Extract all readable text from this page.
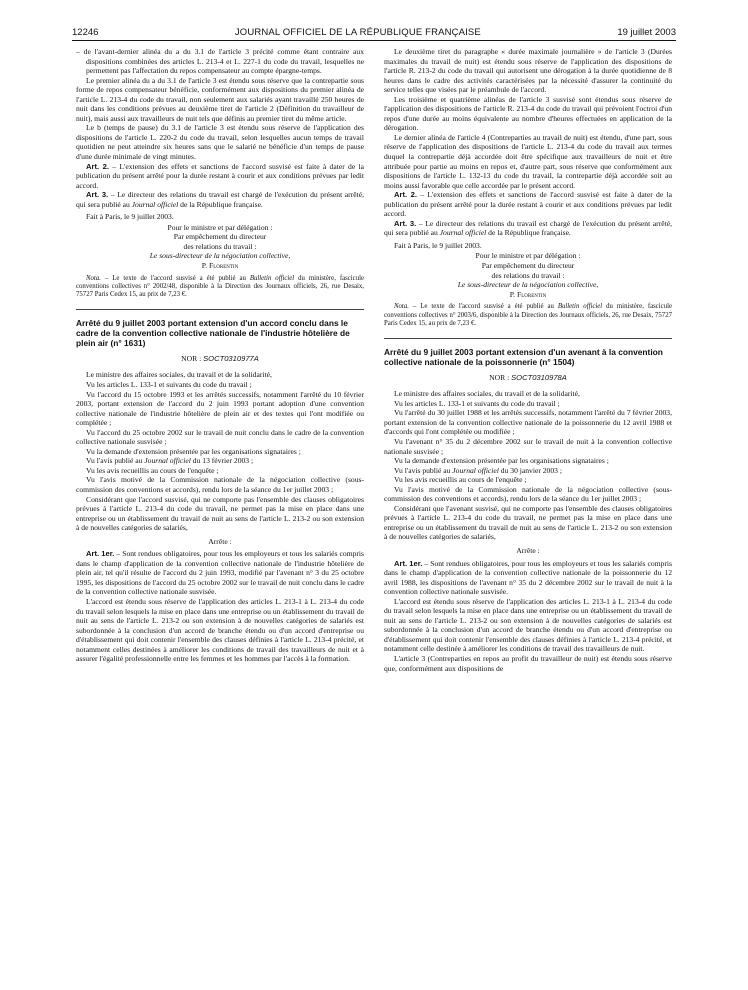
12246	JOURNAL OFFICIEL DE LA RÉPUBLIQUE FRANÇAISE	19 juillet 2003

– de l'avant-dernier alinéa du a du 3.1 de l'article 3 précité comme étant contraire aux dispositions combinées des articles L. 213-4 et L. 227-1 du code du travail, lesquelles ne permettent pas l'affectation du repos compensateur au compte épargne-temps.

Le premier alinéa du a du 3.1 de l'article 3 est étendu sous réserve que la contrepartie sous forme de repos compensateur bénéficie, conformément aux dispositions du premier alinéa de l'article L. 213-4 du code du travail, non seulement aux salariés ayant travaillé 250 heures de nuit dans les conditions prévues au deuxième tiret de l'article 2 (Définition du travailleur de nuit), mais aussi aux travailleurs de nuit tels que définis au premier tiret du même article.

Le b (temps de pause) du 3.1 de l'article 3 est étendu sous réserve de l'application des dispositions de l'article L. 220-2 du code du travail, selon lesquelles aucun temps de travail quotidien ne peut atteindre six heures sans que le salarié ne bénéficie d'un temps de pause d'une durée minimale de vingt minutes.

Art. 2. – L'extension des effets et sanctions de l'accord susvisé est faite à dater de la publication du présent arrêté pour la durée restant à courir et aux conditions prévues par ledit accord.

Art. 3. – Le directeur des relations du travail est chargé de l'exécution du présent arrêté, qui sera publié au Journal officiel de la République française.

Fait à Paris, le 9 juillet 2003.

Pour le ministre et par délégation :

Par empêchement du directeur

des relations du travail :

Le sous-directeur de la négociation collective,

P. Florentin

Nota. – Le texte de l'accord susvisé a été publié au Bulletin officiel du ministère, fascicule conventions collectives n° 2002/48, disponible à la Direction des Journaux officiels, 26, rue Desaix, 75727 Paris Cedex 15, au prix de 7,23 €.

Arrêté du 9 juillet 2003 portant extension d'un accord conclu dans le cadre de la convention collective nationale de l'industrie hôtelière de plein air (n° 1631)

NOR : SOCT0310977A

Le ministre des affaires sociales, du travail et de la solidarité,

Vu les articles L. 133-1 et suivants du code du travail ;

Vu l'accord du 15 octobre 1993 et les arrêtés successifs, notamment l'arrêté du 10 février 2003, portant extension de l'accord du 2 juin 1993 portant adoption d'une convention collective nationale de l'industrie hôtelière de plein air et des textes qui l'ont modifiée ou complétée ;

Vu l'accord du 25 octobre 2002 sur le travail de nuit conclu dans le cadre de la convention collective nationale susvisée ;

Vu la demande d'extension présentée par les organisations signataires ;

Vu l'avis publié au Journal officiel du 13 février 2003 ;

Vu les avis recueillis au cours de l'enquête ;

Vu l'avis motivé de la Commission nationale de la négociation collective (sous-commission des conventions et accords), rendu lors de la séance du 1er juillet 2003 ;

Considérant que l'accord susvisé, qui ne comporte pas l'ensemble des clauses obligatoires prévues à l'article L. 213-4 du code du travail, ne permet pas la mise en place dans une entreprise ou un établissement du travail de nuit au sens de l'article L. 213-2 ou son extension à de nouvelles catégories de salariés,

Arrête :

Art. 1er. – Sont rendues obligatoires, pour tous les employeurs et tous les salariés compris dans le champ d'application de la convention collective nationale de l'industrie hôtelière de plein air, tel qu'il résulte de l'accord du 2 juin 1993, modifié par l'avenant n° 3 du 25 octobre 1995, les dispositions de l'accord du 25 octobre 2002 sur le travail de nuit conclu dans le cadre de la convention collective nationale susvisée.

L'accord est étendu sous réserve de l'application des articles L. 213-1 à L. 213-4 du code du travail selon lesquels la mise en place dans une entreprise ou un établissement du travail de nuit au sens de l'article L. 213-2 ou son extension à de nouvelles catégories de salariés est subordonnée à la conclusion d'un accord de branche étendu ou d'un accord d'entreprise ou d'établissement qui doit contenir l'ensemble des clauses définies à l'article L. 213-4 précité, et notamment celles destinées à améliorer les conditions de travail des travailleurs de nuit et à assurer l'égalité professionnelle entre les femmes et les hommes par l'accès à la formation.

Le deuxième tiret du paragraphe « durée maximale journalière » de l'article 3 (Durées maximales du travail de nuit) est étendu sous réserve de l'application des dispositions de l'article R. 213-2 du code du travail qui autorisent une dérogation à la durée quotidienne de 8 heures dans le cadre des activités caractérisées par la nécessité d'assurer la continuité du service telles que visées par le préambule de l'accord.

Les troisième et quatrième alinéas de l'article 3 susvisé sont étendus sous réserve de l'application des dispositions de l'article R. 213-4 du code du travail qui prévoient l'octroi d'un repos d'une durée au moins équivalente au nombre d'heures effectuées en application de la dérogation.

Le dernier alinéa de l'article 4 (Contreparties au travail de nuit) est étendu, d'une part, sous réserve de l'application des dispositions de l'article L. 213-4 du code du travail aux termes duquel la contrepartie déjà accordée doit être spécifique aux travailleurs de nuit et être attribuée pour partie au moins en repos et, d'autre part, sous réserve que conformément aux dispositions de l'article L. 132-13 du code du travail, la contrepartie déjà accordée soit au moins aussi favorable que celle accordée par le présent accord.

Art. 2. – L'extension des effets et sanctions de l'accord susvisé est faite à dater de la publication du présent arrêté pour la durée restant à courir et aux conditions prévues par ledit accord.

Art. 3. – Le directeur des relations du travail est chargé de l'exécution du présent arrêté, qui sera publié au Journal officiel de la République française.

Fait à Paris, le 9 juillet 2003.

Pour le ministre et par délégation :

Par empêchement du directeur

des relations du travail :

Le sous-directeur de la négociation collective,

P. Florentin

Nota. – Le texte de l'accord susvisé a été publié au Bulletin officiel du ministère, fascicule conventions collectives n° 2003/6, disponible à la Direction des Journaux officiels, 26, rue Desaix, 75727 Paris Cedex 15, au prix de 7,23 €.

Arrêté du 9 juillet 2003 portant extension d'un avenant à la convention collective nationale de la poissonnerie (n° 1504)

NOR : SOCT0310978A

Le ministre des affaires sociales, du travail et de la solidarité,

Vu les articles L. 133-1 et suivants du code du travail ;

Vu l'arrêté du 30 juillet 1988 et les arrêtés successifs, notamment l'arrêté du 7 février 2003, portant extension de la convention collective nationale de la poissonnerie du 12 avril 1988 et d'accords qui l'ont complétée ou modifiée ;

Vu l'avenant n° 35 du 2 décembre 2002 sur le travail de nuit à la convention collective nationale susvisée ;

Vu la demande d'extension présentée par les organisations signataires ;

Vu l'avis publié au Journal officiel du 30 janvier 2003 ;

Vu les avis recueillis au cours de l'enquête ;

Vu l'avis motivé de la Commission nationale de la négociation collective (sous-commission des conventions et accords), rendu lors de la séance du 1er juillet 2003 ;

Considérant que l'avenant susvisé, qui ne comporte pas l'ensemble des clauses obligatoires prévues à l'article L. 213-4 du code du travail, ne permet pas la mise en place dans une entreprise ou un établissement du travail de nuit au sens de l'article L. 213-2 ou son extension à de nouvelles catégories de salariés,

Arrête :

Art. 1er. – Sont rendues obligatoires, pour tous les employeurs et tous les salariés compris dans le champ d'application de la convention collective nationale de la poissonnerie du 12 avril 1988, les dispositions de l'avenant n° 35 du 2 décembre 2002 sur le travail de nuit à la convention collective nationale susvisée.

L'accord est étendu sous réserve de l'application des articles L. 213-1 à L. 213-4 du code du travail selon lesquels la mise en place dans une entreprise ou un établissement du travail de nuit au sens de l'article L. 213-2 ou son extension à de nouvelles catégories de salariés est subordonnée à la conclusion d'un accord de branche étendu ou d'un accord d'entreprise ou d'établissement qui doit contenir l'ensemble des clauses définies à l'article L. 213-4 précité, et notamment celle destinée à améliorer les conditions de travail des travailleurs de nuit.

L'article 3 (Contreparties en repos au profit du travailleur de nuit) est étendu sous réserve que, conformément aux dispositions de
